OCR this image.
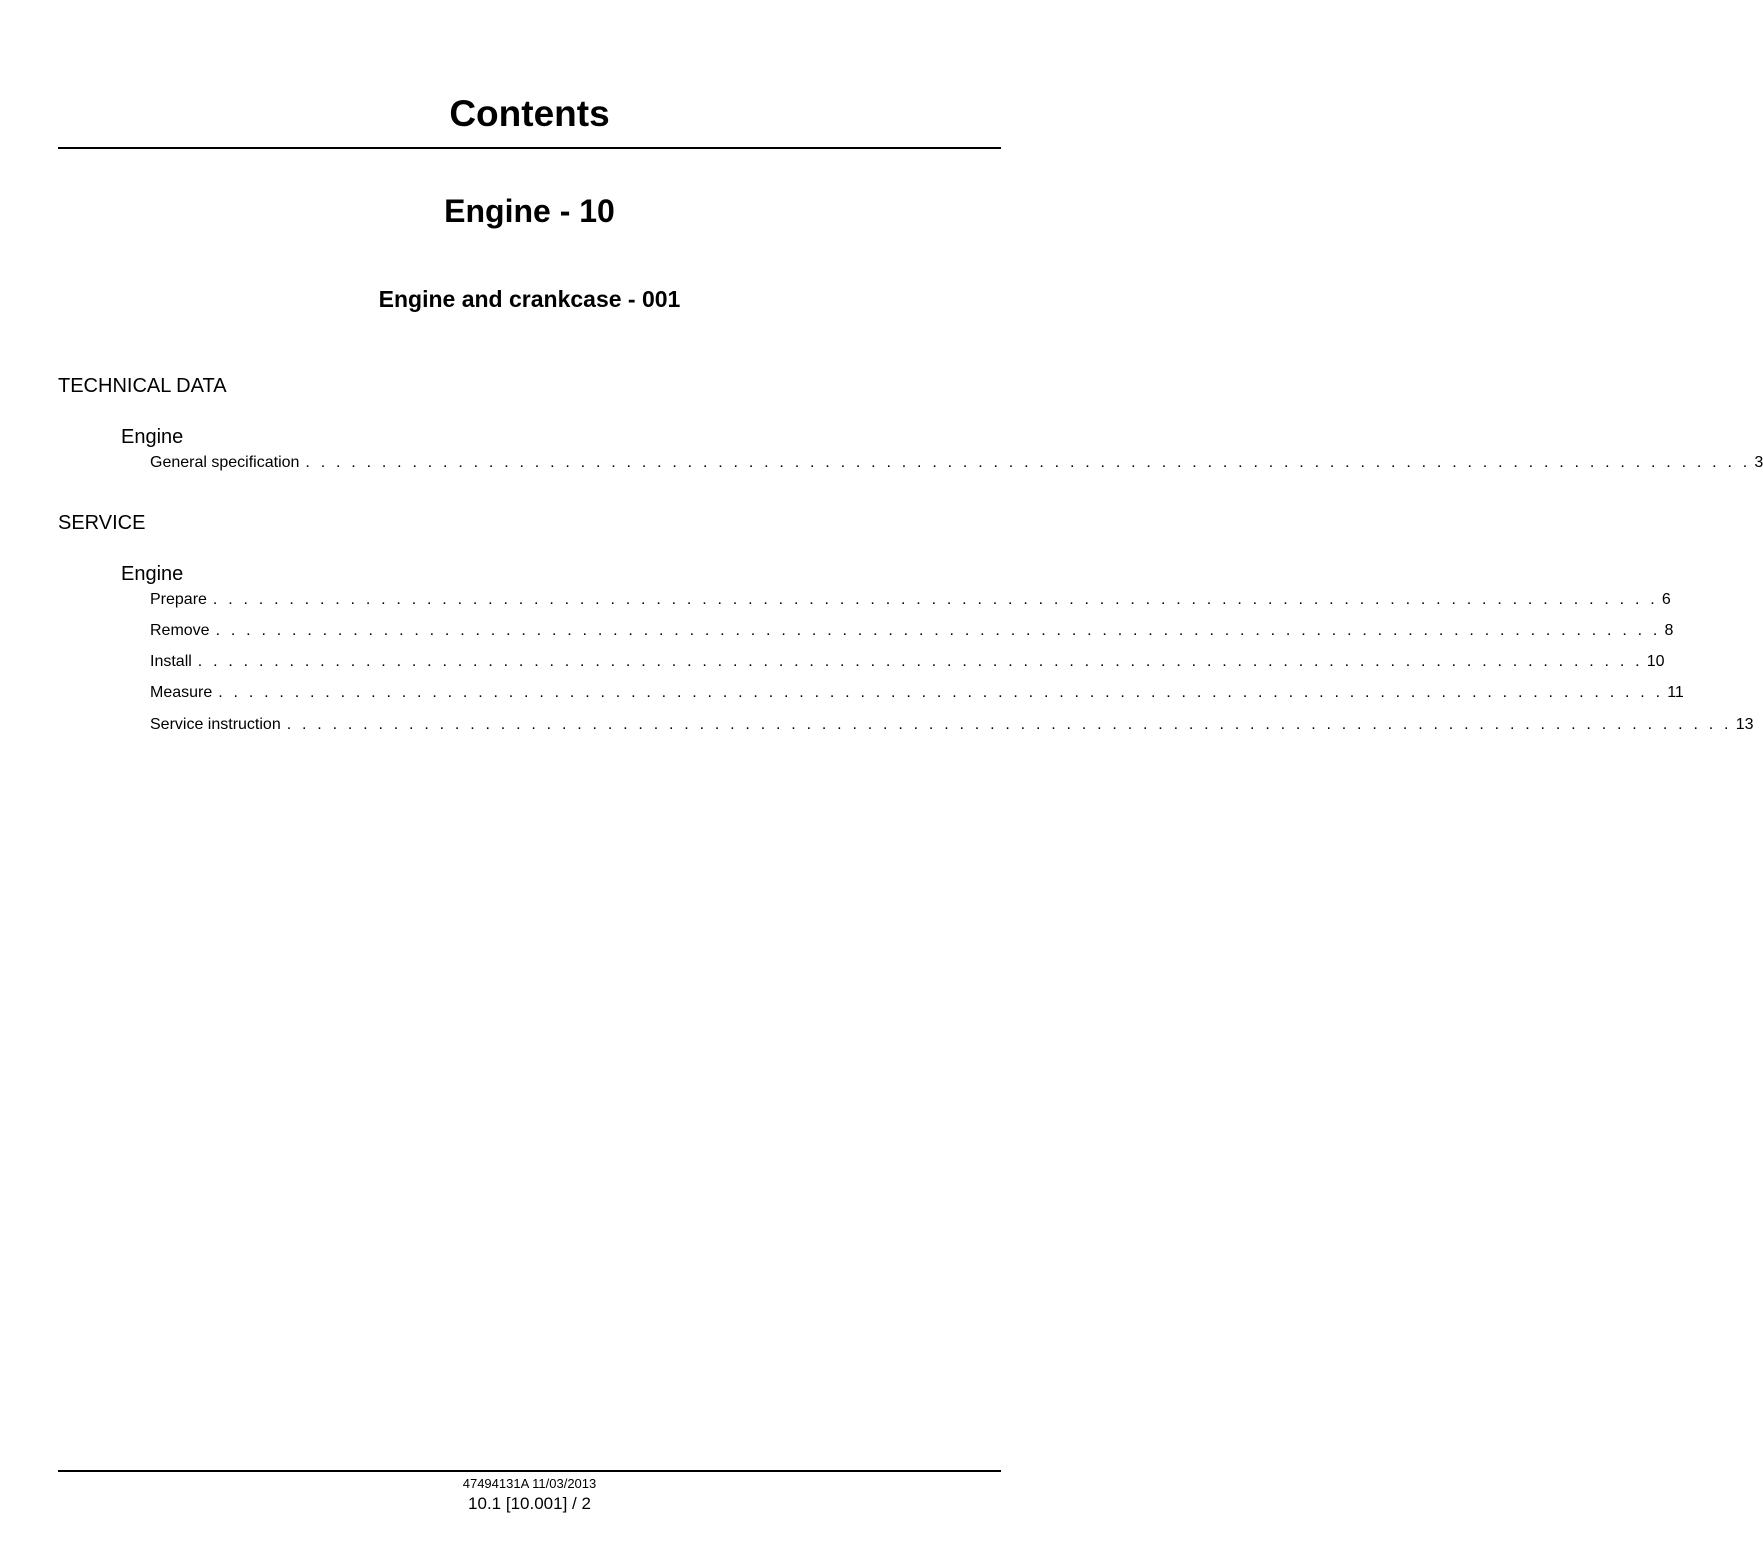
Contents
Engine - 10
Engine and crankcase - 001
TECHNICAL DATA
Engine
General specification . . . . . . . . . . . . . . . . . . . . . . . . . . . . . . . . . . . . . . . . . . . . . . . . . . . . . . . . . . . . . . . . . . . . . . . . . . . . . . . . . . . . . . . . . . . . . . . 3
SERVICE
Engine
Prepare . . . . . . . . . . . . . . . . . . . . . . . . . . . . . . . . . . . . . . . . . . . . . . . . . . . . . . . . . . . . . . . . . . . . . . . . . . . . . . . . . . . . . . . . . . . . . . . 6
Remove . . . . . . . . . . . . . . . . . . . . . . . . . . . . . . . . . . . . . . . . . . . . . . . . . . . . . . . . . . . . . . . . . . . . . . . . . . . . . . . . . . . . . . . . . . . . . . . 8
Install . . . . . . . . . . . . . . . . . . . . . . . . . . . . . . . . . . . . . . . . . . . . . . . . . . . . . . . . . . . . . . . . . . . . . . . . . . . . . . . . . . . . . . . . . . . . . . . 10
Measure . . . . . . . . . . . . . . . . . . . . . . . . . . . . . . . . . . . . . . . . . . . . . . . . . . . . . . . . . . . . . . . . . . . . . . . . . . . . . . . . . . . . . . . . . . . . . . . 11
Service instruction . . . . . . . . . . . . . . . . . . . . . . . . . . . . . . . . . . . . . . . . . . . . . . . . . . . . . . . . . . . . . . . . . . . . . . . . . . . . . . . . . . . . . . . . . . . . . . . 13
47494131A 11/03/2013
10.1 [10.001] / 2
